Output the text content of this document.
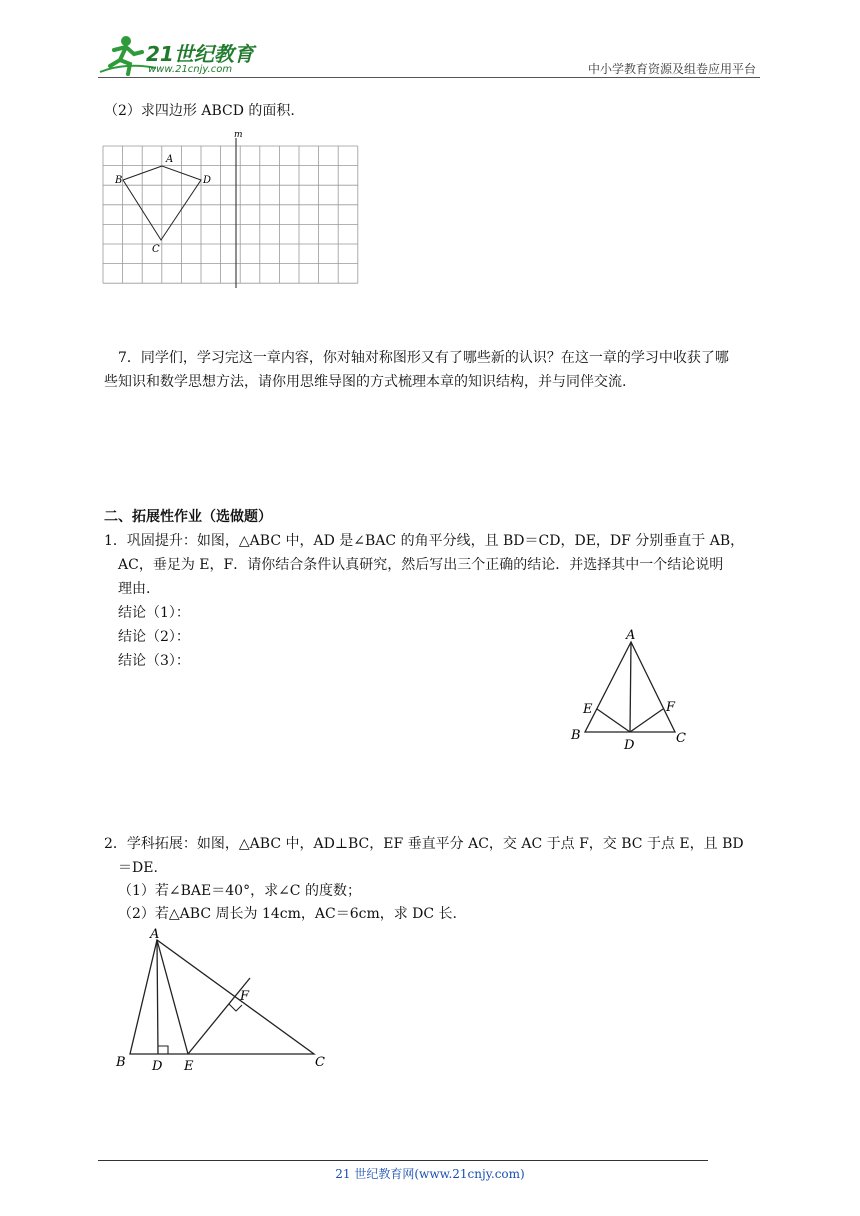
21世纪教育
www.21cnjy.com	中小学教育资源及组卷应用平台
（2）求四边形 ABCD 的面积.
m
A
B
C
D
7．同学们，学习完这一章内容，你对轴对称图形又有了哪些新的认识？在这一章的学习中收获了哪
些知识和数学思想方法，请你用思维导图的方式梳理本章的知识结构，并与同伴交流.
二、拓展性作业（选做题）
1．巩固提升：如图，△ABC 中，AD 是∠BAC 的角平分线，且 BD＝CD，DE，DF 分别垂直于 AB，
AC，垂足为 E，F．请你结合条件认真研究，然后写出三个正确的结论．并选择其中一个结论说明
理由.
结论（1）：
结论（2）：
结论（3）：
A
B	C
D
E	F
2．学科拓展：如图，△ABC 中，AD⊥BC，EF 垂直平分 AC，交 AC 于点 F，交 BC 于点 E，且 BD
＝DE.
（1）若∠BAE＝40°，求∠C 的度数；
（2）若△ABC 周长为 14cm，AC＝6cm，求 DC 长.
A
B	C
D E
F
21 世纪教育网(www.21cnjy.com)
